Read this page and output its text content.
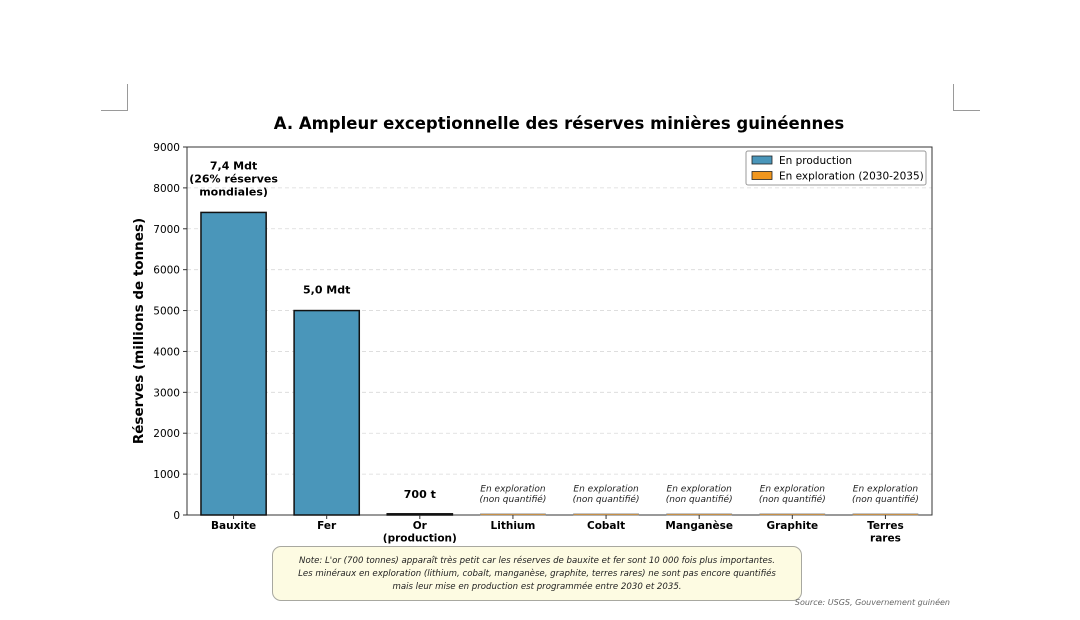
A. Ampleur exceptionnelle des réserves minières guinéennes
0
1000
2000
3000
4000
5000
6000
7000
8000
9000
Bauxite	Fer	Or
(production)
Lithium	Cobalt	Manganèse	Graphite	Terres
rares
7,4 Mdt
(26% réserves
mondiales)
5,0 Mdt
700 t	En exploration
(non quantifié)
En exploration
(non quantifié)
En exploration
(non quantifié)
En exploration
(non quantifié)
En exploration
(non quantifié)
Réserves (millions de tonnes)
En production
En exploration (2030-2035)
Note: L'or (700 tonnes) apparaît très petit car les réserves de bauxite et fer sont 10 000 fois plus importantes.
Les minéraux en exploration (lithium, cobalt, manganèse, graphite, terres rares) ne sont pas encore quantifiés
mais leur mise en production est programmée entre 2030 et 2035.
Source: USGS, Gouvernement guinéen
